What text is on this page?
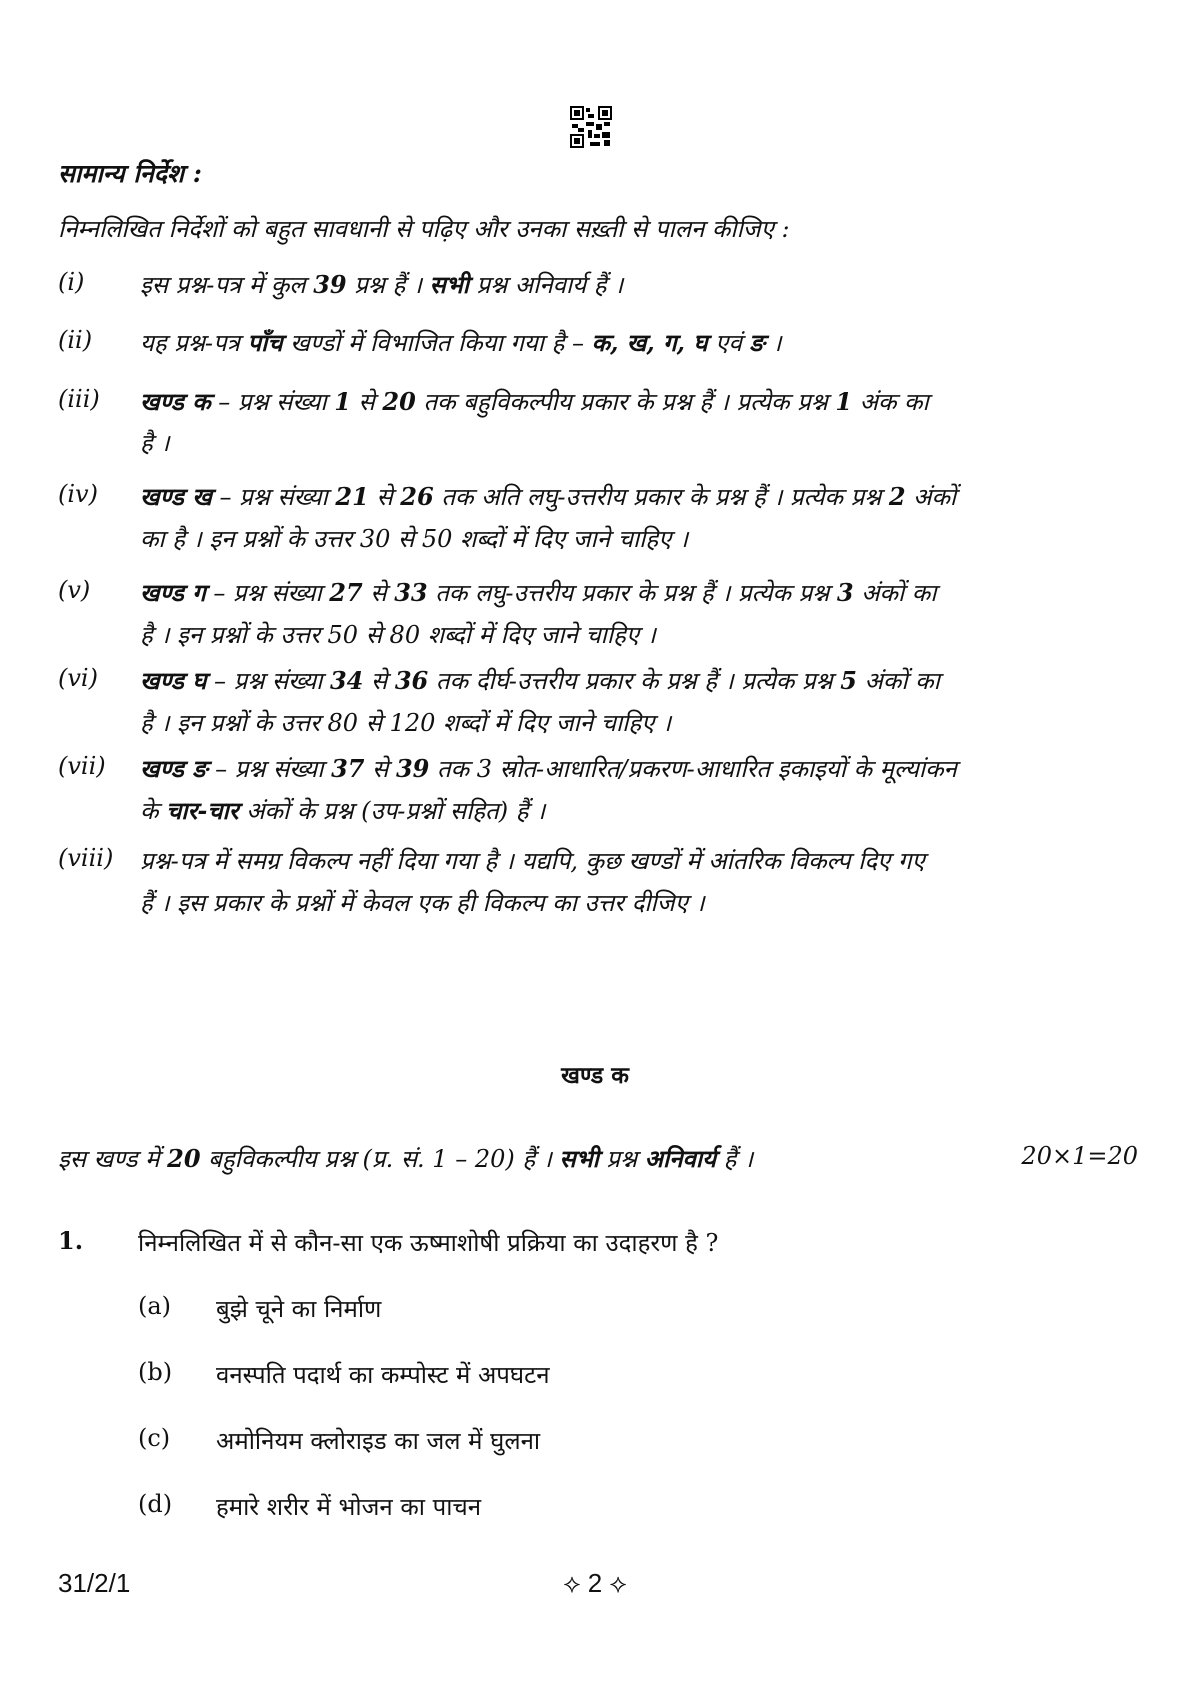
सामान्य निर्देश :
निम्नलिखित निर्देशों को बहुत सावधानी से पढ़िए और उनका सख़्ती से पालन कीजिए :
(i) इस प्रश्न-पत्र में कुल 39 प्रश्न हैं । सभी प्रश्न अनिवार्य हैं ।
(ii) यह प्रश्न-पत्र पाँच खण्डों में विभाजित किया गया है – क, ख, ग, घ एवं ङ ।
(iii) खण्ड क – प्रश्न संख्या 1 से 20 तक बहुविकल्पीय प्रकार के प्रश्न हैं । प्रत्येक प्रश्न 1 अंक का
है ।
(iv) खण्ड ख – प्रश्न संख्या 21 से 26 तक अति लघु-उत्तरीय प्रकार के प्रश्न हैं । प्रत्येक प्रश्न 2 अंकों
का है । इन प्रश्नों के उत्तर 30 से 50 शब्दों में दिए जाने चाहिए ।
(v) खण्ड ग – प्रश्न संख्या 27 से 33 तक लघु-उत्तरीय प्रकार के प्रश्न हैं । प्रत्येक प्रश्न 3 अंकों का
है । इन प्रश्नों के उत्तर 50 से 80 शब्दों में दिए जाने चाहिए ।
(vi) खण्ड घ – प्रश्न संख्या 34 से 36 तक दीर्घ-उत्तरीय प्रकार के प्रश्न हैं । प्रत्येक प्रश्न 5 अंकों का
है । इन प्रश्नों के उत्तर 80 से 120 शब्दों में दिए जाने चाहिए ।
(vii) खण्ड ङ – प्रश्न संख्या 37 से 39 तक 3 स्रोत-आधारित/प्रकरण-आधारित इकाइयों के मूल्यांकन
के चार-चार अंकों के प्रश्न (उप-प्रश्नों सहित) हैं ।
(viii) प्रश्न-पत्र में समग्र विकल्प नहीं दिया गया है । यद्यपि, कुछ खण्डों में आंतरिक विकल्प दिए गए
हैं । इस प्रकार के प्रश्नों में केवल एक ही विकल्प का उत्तर दीजिए ।
खण्ड क
इस खण्ड में 20 बहुविकल्पीय प्रश्न (प्र. सं. 1 – 20) हैं । सभी प्रश्न अनिवार्य हैं ।	20×1=20
1. निम्नलिखित में से कौन-सा एक ऊष्माशोषी प्रक्रिया का उदाहरण है ?
(a) बुझे चूने का निर्माण
(b) वनस्पति पदार्थ का कम्पोस्ट में अपघटन
(c) अमोनियम क्लोराइड का जल में घुलना
(d) हमारे शरीर में भोजन का पाचन
31/2/1	⟡ 2 ⟡
